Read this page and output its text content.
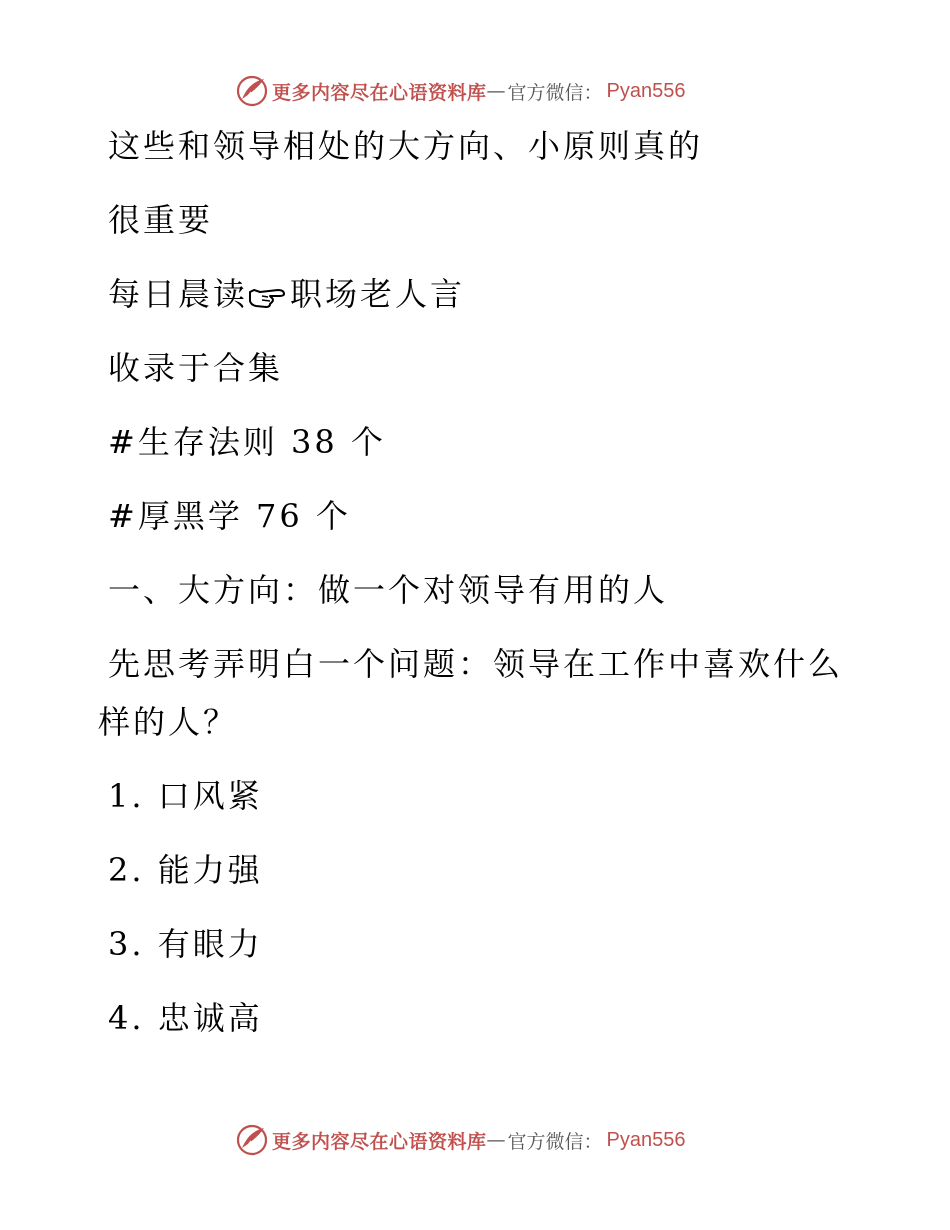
更多内容尽在心语资料库 — 官方微信： Pyan556
这些和领导相处的大方向、小原则真的
很重要
每日晨读 职场老人言
收录于合集
#生存法则 38 个
#厚黑学 76 个
一、大方向：做一个对领导有用的人
先思考弄明白一个问题：领导在工作中喜欢什么
样的人？
1. 口风紧
2. 能力强
3. 有眼力
4. 忠诚高
更多内容尽在心语资料库 — 官方微信： Pyan556
